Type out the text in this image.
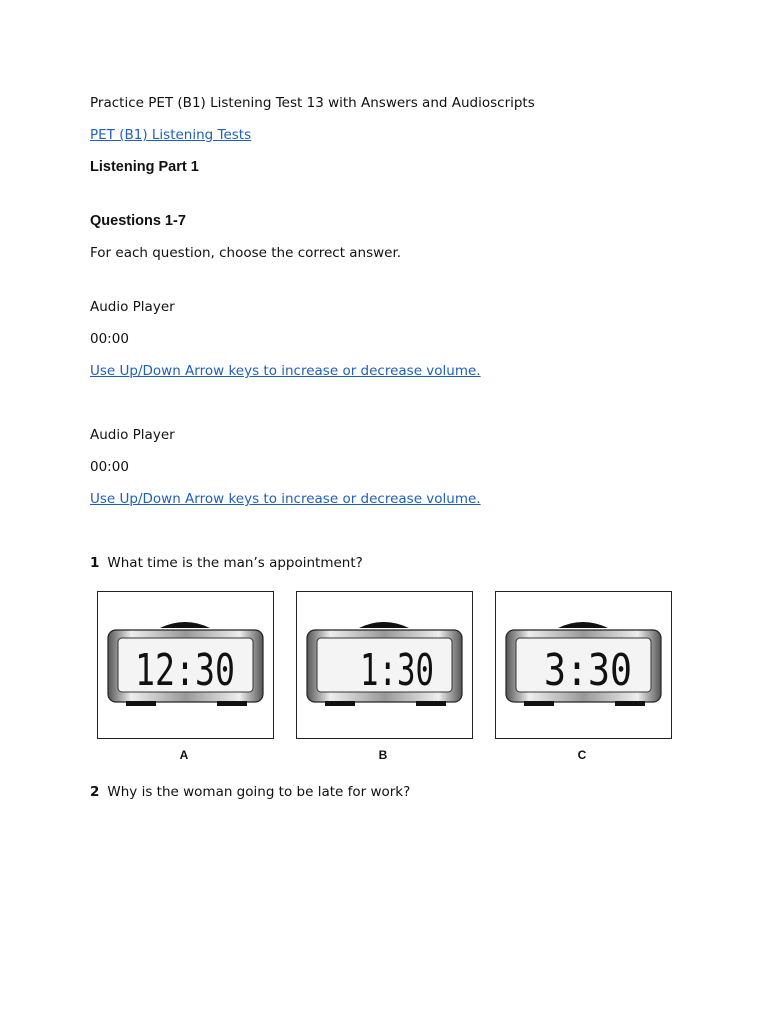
Practice PET (B1) Listening Test 13 with Answers and Audioscripts
PET (B1) Listening Tests
Listening Part 1
Questions 1-7
For each question, choose the correct answer.
Audio Player
00:00
Use Up/Down Arrow keys to increase or decrease volume.
Audio Player
00:00
Use Up/Down Arrow keys to increase or decrease volume.
1 What time is the man’s appointment?
12:30
A
1:30
B
3:30
C
2 Why is the woman going to be late for work?
